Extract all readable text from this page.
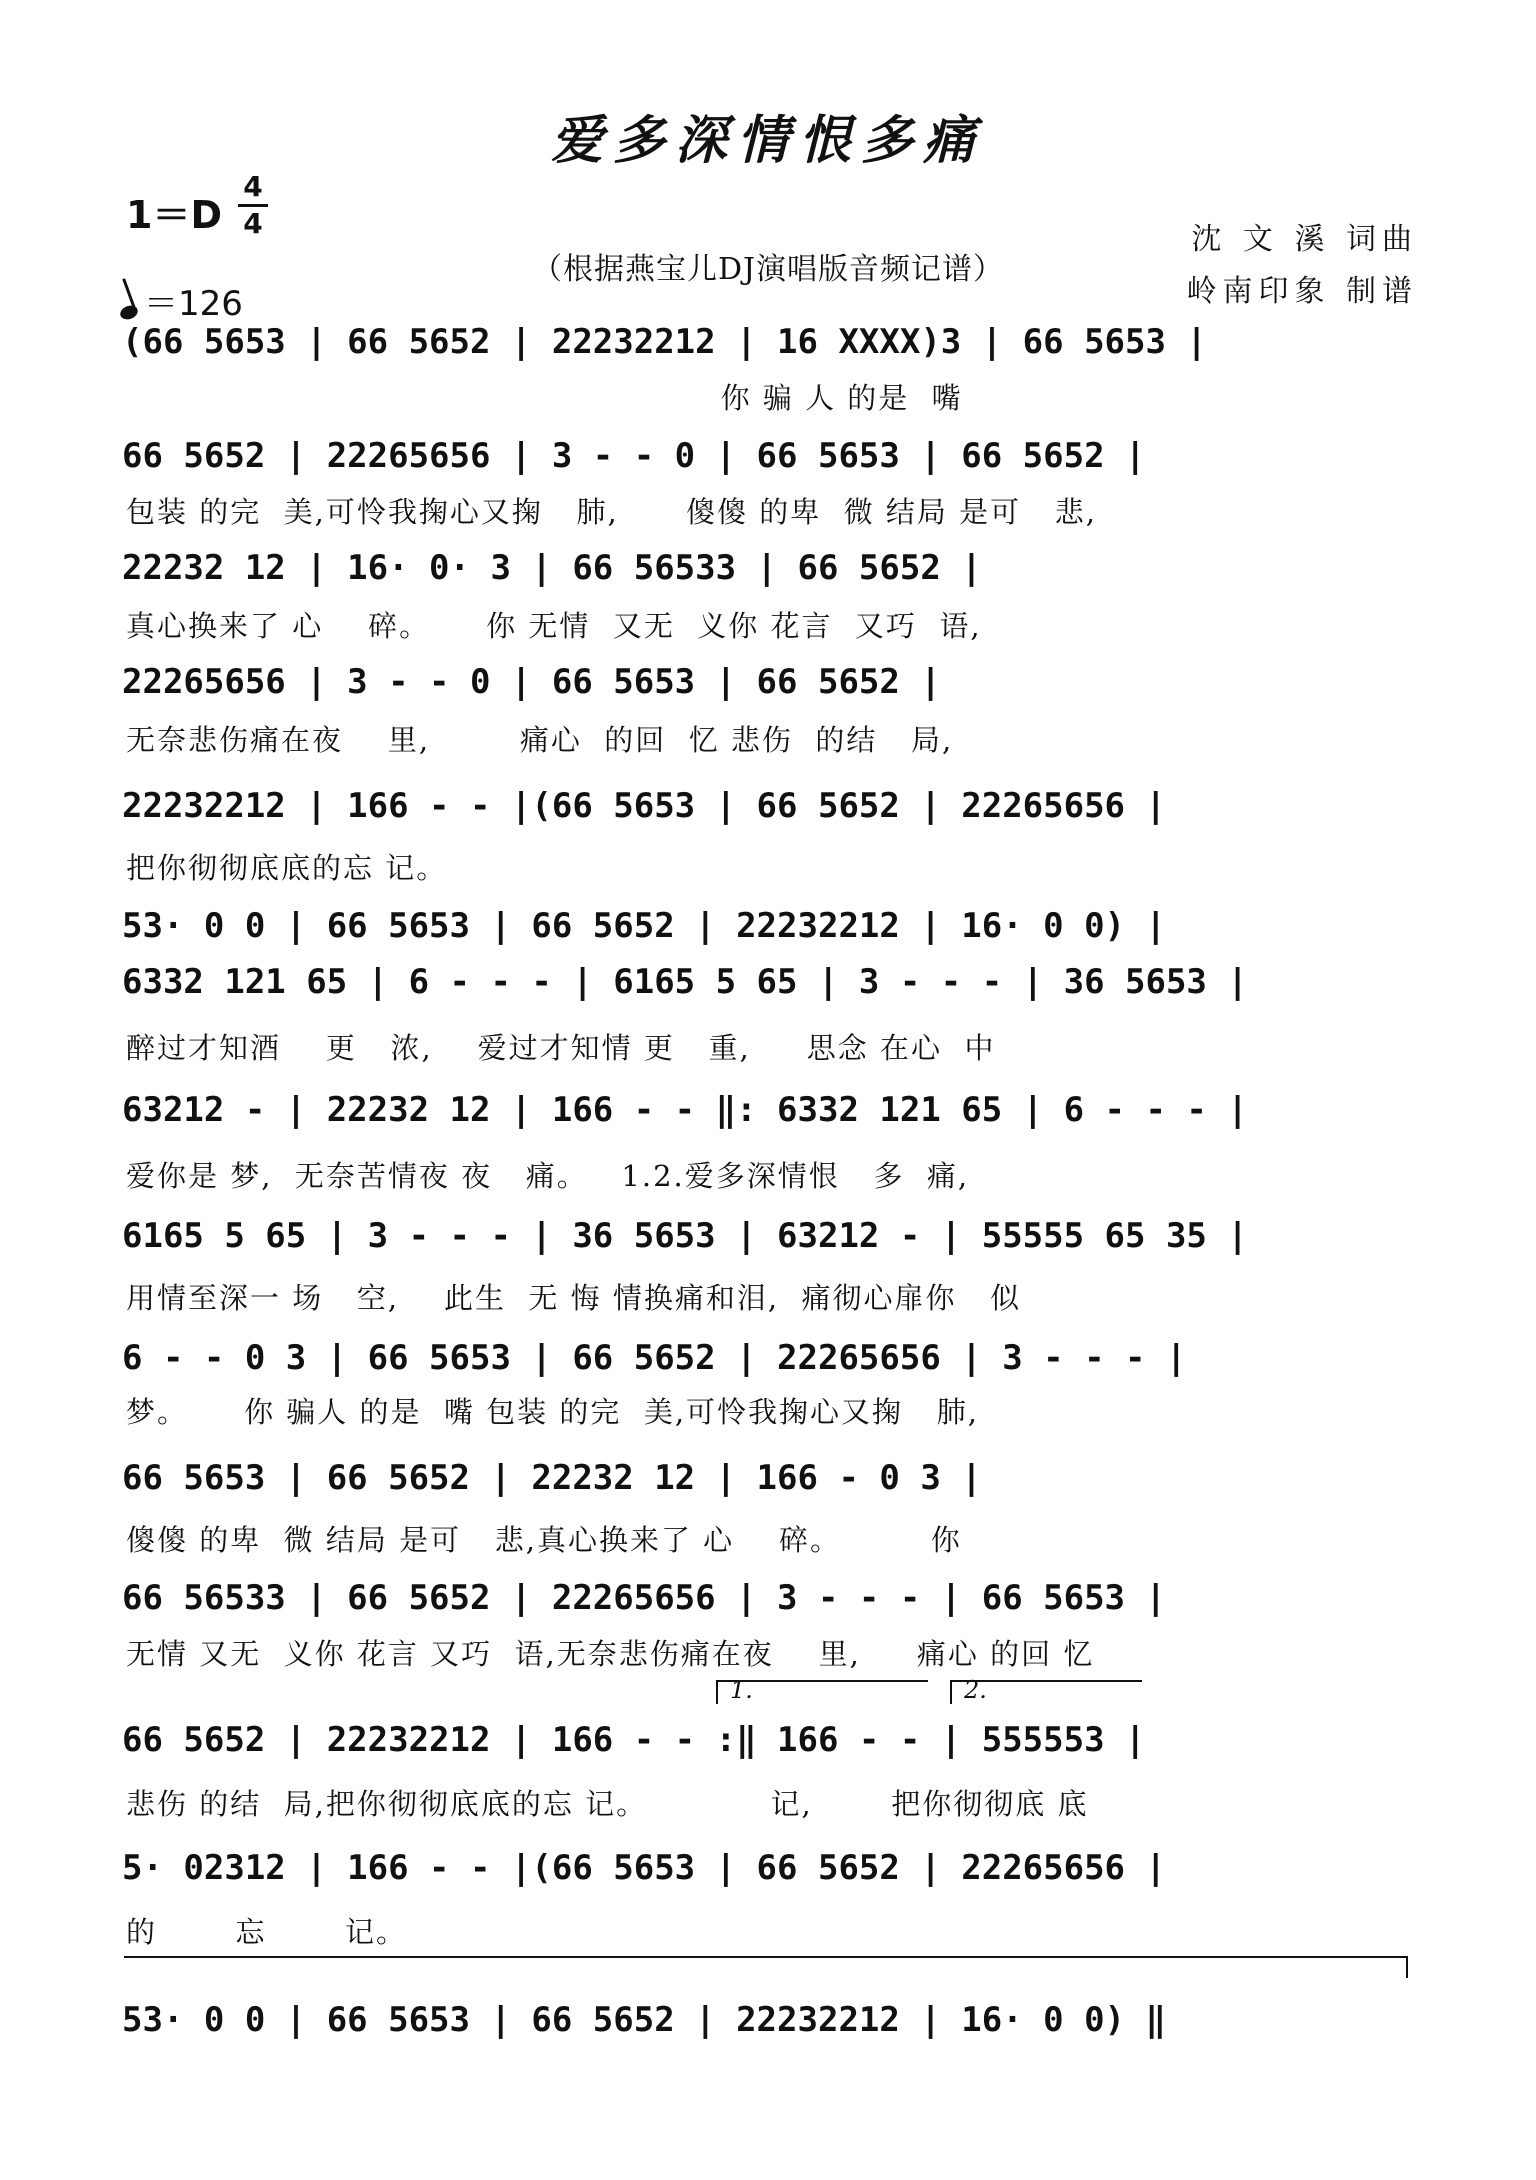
爱多深情恨多痛
1＝D
4
4
＝126
（根据燕宝儿DJ演唱版音频记谱）
沈 文 溪 词曲
岭南印象 制谱
(66 5653 | 66 5652 | 22232212 | 16 XXXX)3 | 66 5653 |
你 骗 人 的是  嘴
66 5652 | 22265656 | 3 - - 0 | 66 5653 | 66 5652 |
包装 的完  美,可怜我掬心又掬   肺,      傻傻 的卑  微 结局 是可   悲,
22232 12 | 16· 0· 3 | 66 56533 | 66 5652 |
真心换来了 心    碎。     你 无情  又无  义你 花言  又巧  语,
22265656 | 3 - - 0 | 66 5653 | 66 5652 |
无奈悲伤痛在夜    里,        痛心  的回  忆 悲伤  的结   局,
22232212 | 166 - - |(66 5653 | 66 5652 | 22265656 |
把你彻彻底底的忘 记。
53· 0 0 | 66 5653 | 66 5652 | 22232212 | 16· 0 0) |
6332 121 65 | 6 - - - | 6165 5 65 | 3 - - - | 36 5653 |
醉过才知酒    更   浓,    爱过才知情 更   重,     思念 在心  中
63212 - | 22232 12 | 166 - - ‖: 6332 121 65 | 6 - - - |
爱你是 梦,  无奈苦情夜 夜   痛。   1.2.爱多深情恨   多  痛,
6165 5 65 | 3 - - - | 36 5653 | 63212 - | 55555 65 35 |
用情至深一 场   空,    此生  无 悔 情换痛和泪,  痛彻心扉你   似
6 - - 0 3 | 66 5653 | 66 5652 | 22265656 | 3 - - - |
梦。     你 骗人 的是  嘴 包装 的完  美,可怜我掬心又掬   肺,
66 5653 | 66 5652 | 22232 12 | 166 - 0 3 |
傻傻 的卑  微 结局 是可   悲,真心换来了 心    碎。        你
66 56533 | 66 5652 | 22265656 | 3 - - - | 66 5653 |
无情 又无  义你 花言 又巧  语,无奈悲伤痛在夜    里,     痛心 的回 忆
1.	2.
66 5652 | 22232212 | 166 - - :‖ 166 - - | 555553 |
悲伤 的结  局,把你彻彻底底的忘 记。           记,       把你彻彻底 底
5· 02312 | 166 - - |(66 5653 | 66 5652 | 22265656 |
的       忘       记。
53· 0 0 | 66 5653 | 66 5652 | 22232212 | 16· 0 0) ‖
